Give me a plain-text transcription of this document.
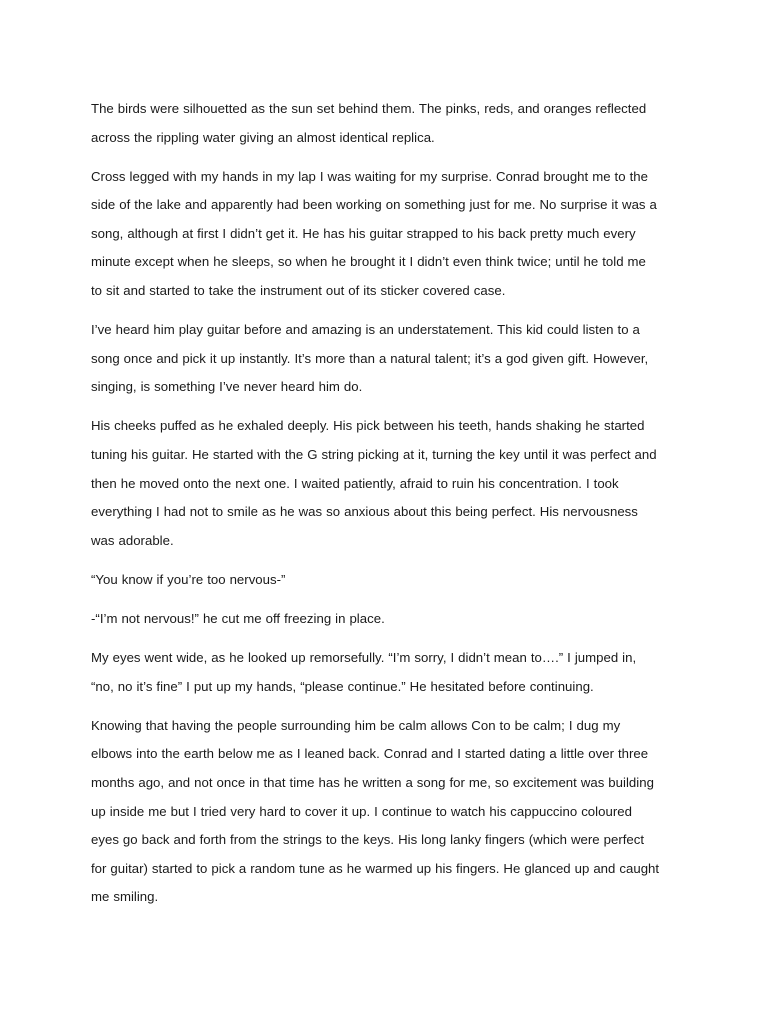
The birds were silhouetted as the sun set behind them. The pinks, reds, and oranges reflected
across the rippling water giving an almost identical replica.

Cross legged with my hands in my lap I was waiting for my surprise. Conrad brought me to the
side of the lake and apparently had been working on something just for me. No surprise it was a
song, although at first I didn’t get it. He has his guitar strapped to his back pretty much every
minute except when he sleeps, so when he brought it I didn’t even think twice; until he told me
to sit and started to take the instrument out of its sticker covered case.

I’ve heard him play guitar before and amazing is an understatement. This kid could listen to a
song once and pick it up instantly. It’s more than a natural talent; it’s a god given gift. However,
singing, is something I’ve never heard him do.

His cheeks puffed as he exhaled deeply. His pick between his teeth, hands shaking he started
tuning his guitar. He started with the G string picking at it, turning the key until it was perfect and
then he moved onto the next one. I waited patiently, afraid to ruin his concentration. I took
everything I had not to smile as he was so anxious about this being perfect. His nervousness
was adorable.

“You know if you’re too nervous-”

-“I’m not nervous!” he cut me off freezing in place.

My eyes went wide, as he looked up remorsefully. “I’m sorry, I didn’t mean to….” I jumped in,
“no, no it’s fine” I put up my hands, “please continue.” He hesitated before continuing.

Knowing that having the people surrounding him be calm allows Con to be calm; I dug my
elbows into the earth below me as I leaned back. Conrad and I started dating a little over three
months ago, and not once in that time has he written a song for me, so excitement was building
up inside me but I tried very hard to cover it up. I continue to watch his cappuccino coloured
eyes go back and forth from the strings to the keys. His long lanky fingers (which were perfect
for guitar) started to pick a random tune as he warmed up his fingers. He glanced up and caught
me smiling.
